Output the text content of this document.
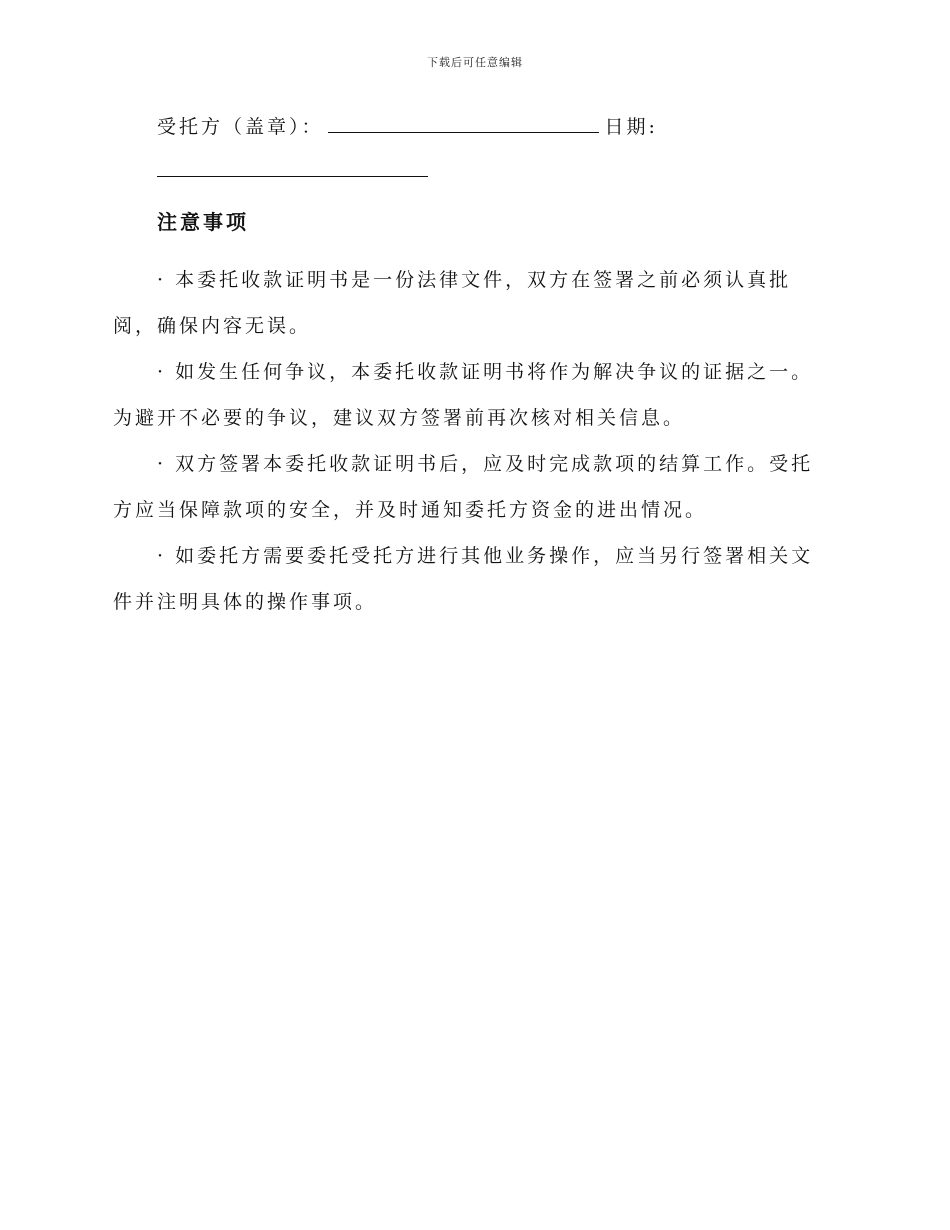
下载后可任意编辑
受托方（盖章）：	日期:
注意事项

· 本委托收款证明书是一份法律文件，双方在签署之前必须认真批阅，确保内容无误。

· 如发生任何争议，本委托收款证明书将作为解决争议的证据之一。为避开不必要的争议，建议双方签署前再次核对相关信息。

· 双方签署本委托收款证明书后，应及时完成款项的结算工作。受托方应当保障款项的安全，并及时通知委托方资金的进出情况。

· 如委托方需要委托受托方进行其他业务操作，应当另行签署相关文件并注明具体的操作事项。
